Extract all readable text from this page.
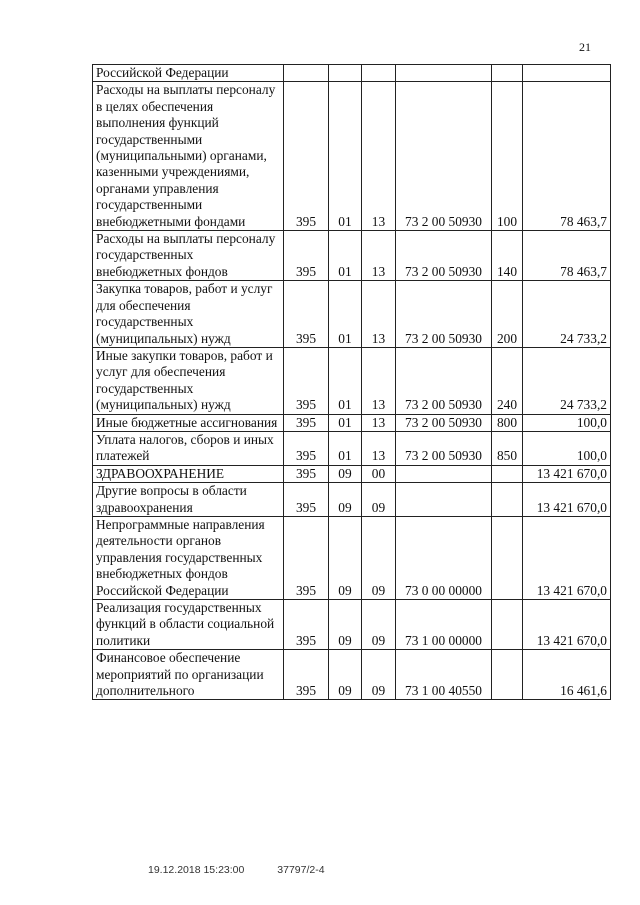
21
Российской Федерации						
Расходы на выплаты персоналу в целях обеспечения выполнения функций государственными (муниципальными) органами, казенными учреждениями, органами управления государственными внебюджетными фондами	395	01	13	73 2 00 50930	100	78 463,7
Расходы на выплаты персоналу государственных внебюджетных фондов	395	01	13	73 2 00 50930	140	78 463,7
Закупка товаров, работ и услуг для обеспечения государственных (муниципальных) нужд	395	01	13	73 2 00 50930	200	24 733,2
Иные закупки товаров, работ и услуг для обеспечения государственных (муниципальных) нужд	395	01	13	73 2 00 50930	240	24 733,2
Иные бюджетные ассигнования	395	01	13	73 2 00 50930	800	100,0
Уплата налогов, сборов и иных платежей	395	01	13	73 2 00 50930	850	100,0
ЗДРАВООХРАНЕНИЕ	395	09	00			13 421 670,0
Другие вопросы в области здравоохранения	395	09	09			13 421 670,0
Непрограммные направления деятельности органов управления государственных внебюджетных фондов Российской Федерации	395	09	09	73 0 00 00000		13 421 670,0
Реализация государственных функций в области социальной политики	395	09	09	73 1 00 00000		13 421 670,0
Финансовое обеспечение мероприятий по организации дополнительного	395	09	09	73 1 00 40550		16 461,6
19.12.2018 15:23:00	37797/2-4
